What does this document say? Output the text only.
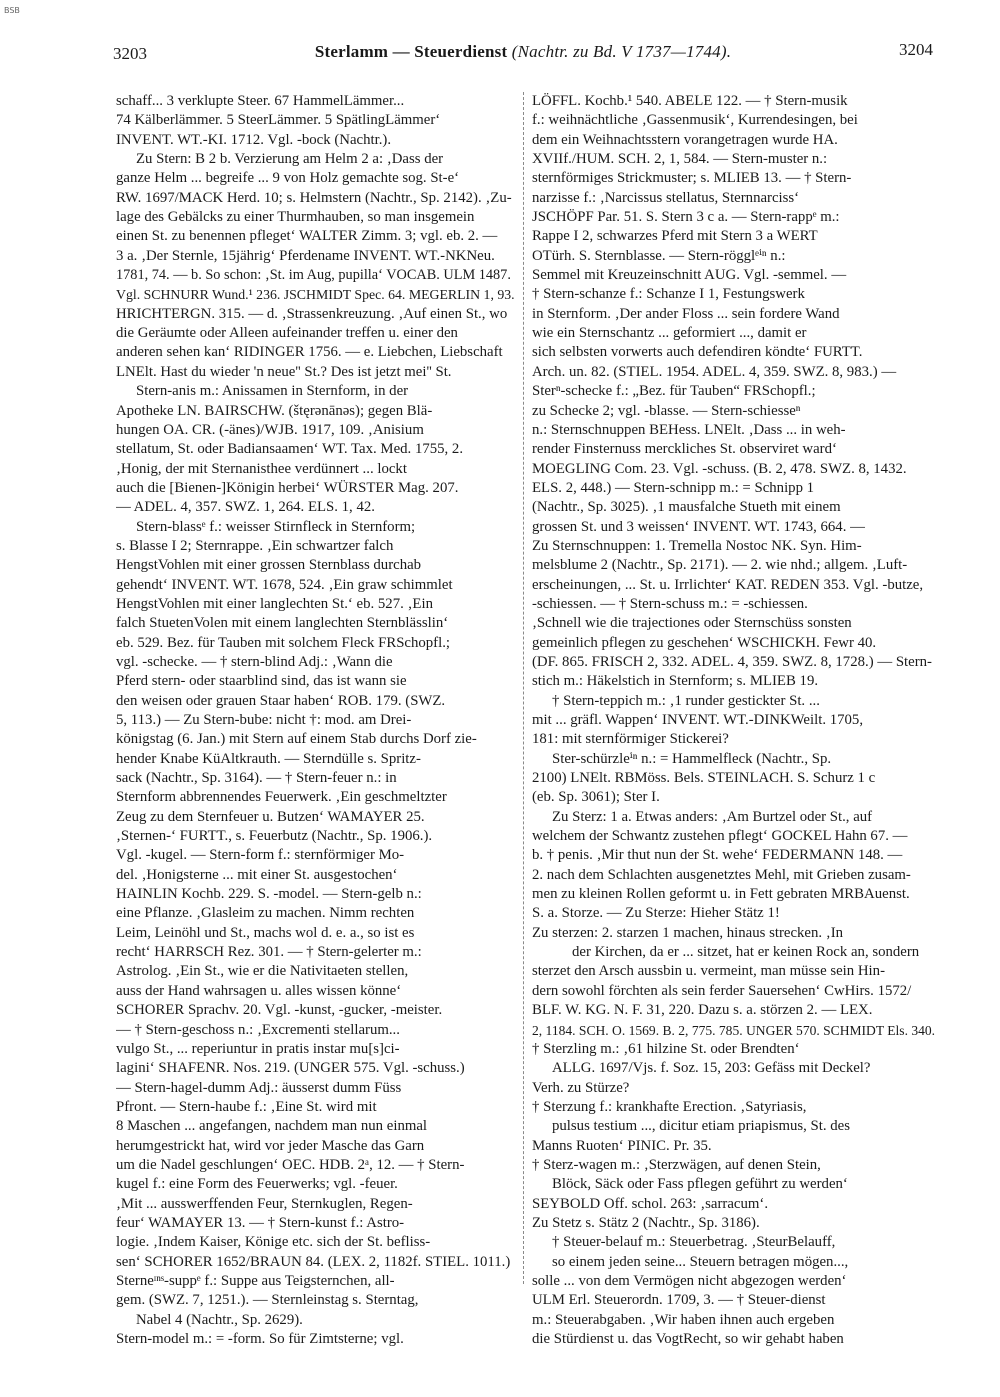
BSB
3203	Sterlamm — Steuerdienst (Nachtr. zu Bd. V 1737—1744).	3204
schaff... 3 verklupte Steer. 67 HammelLämmer...
74 Kälberlämmer. 5 SteerLämmer. 5 SpätlingLämmer‘
INVENT. WT.-KI. 1712. Vgl. -bock (Nachtr.).
Zu Stern: B 2 b. Verzierung am Helm 2 a: ‚Dass der
ganze Helm ... begreife ... 9 von Holz gemachte sog. St-e‘
RW. 1697/MACK Herd. 10; s. Helmstern (Nachtr., Sp. 2142). ‚Zu-
lage des Gebälcks zu einer Thurmhauben, so man insgemein
einen St. zu benennen pfleget‘ WALTER Zimm. 3; vgl. eb. 2. —
3 a. ‚Der Sternle, 15jährig‘ Pferdename INVENT. WT.-NKNeu.
1781, 74. — b. So schon: ‚St. im Aug, pupilla‘ VOCAB. ULM 1487.
Vgl. SCHNURR Wund.¹ 236. JSCHMIDT Spec. 64. MEGERLIN 1, 93.
HRICHTERGN. 315. — d. ‚Strassenkreuzung. ‚Auf einen St., wo
die Geräumte oder Alleen aufeinander treffen u. einer den
anderen sehen kan‘ RIDINGER 1756. — e. Liebchen, Liebschaft
LNElt. Hast du wieder 'n neue'' St.? Des ist jetzt mei'' St.
Stern-anis m.: Anissamen in Sternform, in der
Apotheke LN. BAIRSCHW. (štęrənānəs); gegen Blä-
hungen OA. CR. (-änes)/WJB. 1917, 109. ‚Anisium
stellatum, St. oder Badiansaamen‘ WT. Tax. Med. 1755, 2.
‚Honig, der mit Sternanisthee verdünnert ... lockt
auch die [Bienen-]Königin herbei‘ WÜRSTER Mag. 207.
— ADEL. 4, 357. SWZ. 1, 264. ELS. 1, 42.
Stern-blassᵉ f.: weisser Stirnfleck in Sternform;
s. Blasse I 2; Sternrappe. ‚Ein schwartzer falch
HengstVohlen mit einer grossen Sternblass durchab
gehendt‘ INVENT. WT. 1678, 524. ‚Ein graw schimmlet
HengstVohlen mit einer langlechten St.‘ eb. 527. ‚Ein
falch StuetenVolen mit einem langlechten Sternblässlin‘
eb. 529. Bez. für Tauben mit solchem Fleck FRSchopfl.;
vgl. -schecke. — † stern-blind Adj.: ‚Wann die
Pferd stern- oder staarblind sind, das ist wann sie
den weisen oder grauen Staar haben‘ ROB. 179. (SWZ.
5, 113.) — Zu Stern-bube: nicht †: mod. am Drei-
königstag (6. Jan.) mit Stern auf einem Stab durchs Dorf zie-
hender Knabe KüAltkrauth. — Sterndülle s. Spritz-
sack (Nachtr., Sp. 3164). — † Stern-feuer n.: in
Sternform abbrennendes Feuerwerk. ‚Ein geschmeltzter
Zeug zu dem Sternfeuer u. Butzen‘ WAMAYER 25.
‚Sternen-‘ FURTT., s. Feuerbutz (Nachtr., Sp. 1906.).
Vgl. -kugel. — Stern-form f.: sternförmiger Mo-
del. ‚Honigsterne ... mit einer St. ausgestochen‘
HAINLIN Kochb. 229. S. -model. — Stern-gelb n.:
eine Pflanze. ‚Glasleim zu machen. Nimm rechten
Leim, Leinöhl und St., machs wol d. e. a., so ist es
recht‘ HARRSCH Rez. 301. — † Stern-gelerter m.:
Astrolog. ‚Ein St., wie er die Nativitaeten stellen,
auss der Hand wahrsagen u. alles wissen könne‘
SCHORER Sprachv. 20. Vgl. -kunst, -gucker, -meister.
— † Stern-geschoss n.: ‚Excrementi stellarum...
vulgo St., ... reperiuntur in pratis instar mu[s]ci-
lagini‘ SHAFENR. Nos. 219. (UNGER 575. Vgl. -schuss.)
— Stern-hagel-dumm Adj.: äusserst dumm Füss
Pfront. — Stern-haube f.: ‚Eine St. wird mit
8 Maschen ... angefangen, nachdem man nun einmal
herumgestrickt hat, wird vor jeder Masche das Garn
um die Nadel geschlungen‘ OEC. HDB. 2ᵃ, 12. — † Stern-
kugel f.: eine Form des Feuerwerks; vgl. -feuer.
‚Mit ... ausswerffenden Feur, Sternkuglen, Regen-
feur‘ WAMAYER 13. — † Stern-kunst f.: Astro-
logie. ‚Indem Kaiser, Könige etc. sich der St. befliss-
sen‘ SCHORER 1652/BRAUN 84. (LEX. 2, 1182f. STIEL. 1011.)
Sterneᶦⁿˢ-suppᵉ f.: Suppe aus Teigsternchen, all-
gem. (SWZ. 7, 1251.). — Sternleinstag s. Sterntag,
Nabel 4 (Nachtr., Sp. 2629).
Stern-model m.: = -form. So für Zimtsterne; vgl.
LÖFFL. Kochb.¹ 540. ABELE 122. — † Stern-musik
f.: weihnächtliche ‚Gassenmusik‘, Kurrendesingen, bei
dem ein Weihnachtsstern vorangetragen wurde HA.
XVIIf./HUM. SCH. 2, 1, 584. — Stern-muster n.:
sternförmiges Strickmuster; s. MLIEB 13. — † Stern-
narzisse f.: ‚Narcissus stellatus, Sternnarciss‘
JSCHÖPF Par. 51. S. Stern 3 c a. — Stern-rappᵉ m.:
Rappe I 2, schwarzes Pferd mit Stern 3 a WERT
OTürh. S. Sternblasse. — Stern-rögglᵉⁱⁿ n.:
Semmel mit Kreuzeinschnitt AUG. Vgl. -semmel. —
† Stern-schanze f.: Schanze I 1, Festungswerk
in Sternform. ‚Der ander Floss ... sein fordere Wand
wie ein Sternschantz ... geformiert ..., damit er
sich selbsten vorwerts auch defendiren köndte‘ FURTT.
Arch. un. 82. (STIEL. 1954. ADEL. 4, 359. SWZ. 8, 983.) —
Sterⁿ-schecke f.: „Bez. für Tauben“ FRSchopfl.;
zu Schecke 2; vgl. -blasse. — Stern-schiesseⁿ
n.: Sternschnuppen BEHess. LNElt. ‚Dass ... in weh-
render Finsternuss merckliches St. observiret ward‘
MOEGLING Com. 23. Vgl. -schuss. (B. 2, 478. SWZ. 8, 1432.
ELS. 2, 448.) — Stern-schnipp m.: = Schnipp 1
(Nachtr., Sp. 3025). ‚1 mausfalche Stueth mit einem
grossen St. und 3 weissen‘ INVENT. WT. 1743, 664. —
Zu Sternschnuppen: 1. Tremella Nostoc NK. Syn. Him-
melsblume 2 (Nachtr., Sp. 2171). — 2. wie nhd.; allgem. ‚Luft-
erscheinungen, ... St. u. Irrlichter‘ KAT. REDEN 353. Vgl. -butze,
-schiessen. — † Stern-schuss m.: = -schiessen.
‚Schnell wie die trajectiones oder Sternschüss sonsten
gemeinlich pflegen zu geschehen‘ WSCHICKH. Fewr 40.
(DF. 865. FRISCH 2, 332. ADEL. 4, 359. SWZ. 8, 1728.) — Stern-
stich m.: Häkelstich in Sternform; s. MLIEB 19.
† Stern-teppich m.: ‚1 runder gestickter St. ...
mit ... gräfl. Wappen‘ INVENT. WT.-DINKWeilt. 1705,
181: mit sternförmiger Stickerei?
Ster-schürzleⁱⁿ n.: = Hammelfleck (Nachtr., Sp.
2100) LNElt. RBMöss. Bels. STEINLACH. S. Schurz 1 c
(eb. Sp. 3061); Ster I.
Zu Sterz: 1 a. Etwas anders: ‚Am Burtzel oder St., auf
welchem der Schwantz zustehen pflegt‘ GOCKEL Hahn 67. —
b. † penis. ‚Mir thut nun der St. wehe‘ FEDERMANN 148. —
2. nach dem Schlachten ausgenetztes Mehl, mit Grieben zusam-
men zu kleinen Rollen geformt u. in Fett gebraten MRBAuenst.
S. a. Storze. — Zu Sterze: Hieher Stätz 1!
Zu sterzen: 2. starzen 1 machen, hinaus strecken. ‚In
der Kirchen, da er ... sitzet, hat er keinen Rock an, sondern
sterzet den Arsch aussbin u. vermeint, man müsse sein Hin-
dern sowohl förchten als sein ferder Sauersehen‘ CwHirs. 1572/
BLF. W. KG. N. F. 31, 220. Dazu s. a. störzen 2. — LEX.
2, 1184. SCH. O. 1569. B. 2, 775. 785. UNGER 570. SCHMIDT Els. 340.
† Sterzling m.: ‚61 hilzine St. oder Brendten‘
ALLG. 1697/Vjs. f. Soz. 15, 203: Gefäss mit Deckel?
Verh. zu Stürze?
† Sterzung f.: krankhafte Erection. ‚Satyriasis,
pulsus testium ..., dicitur etiam priapismus, St. des
Manns Ruoten‘ PINIC. Pr. 35.
† Sterz-wagen m.: ‚Sterzwägen, auf denen Stein,
Blöck, Säck oder Fass pflegen geführt zu werden‘
SEYBOLD Off. schol. 263: ‚sarracum‘.
Zu Stetz s. Stätz 2 (Nachtr., Sp. 3186).
† Steuer-belauf m.: Steuerbetrag. ‚SteurBelauff,
so einem jeden seine... Steuern betragen mögen...,
solle ... von dem Vermögen nicht abgezogen werden‘
ULM Erl. Steuerordn. 1709, 3. — † Steuer-dienst
m.: Steuerabgaben. ‚Wir haben ihnen auch ergeben
die Stürdienst u. das VogtRecht, so wir gehabt haben
